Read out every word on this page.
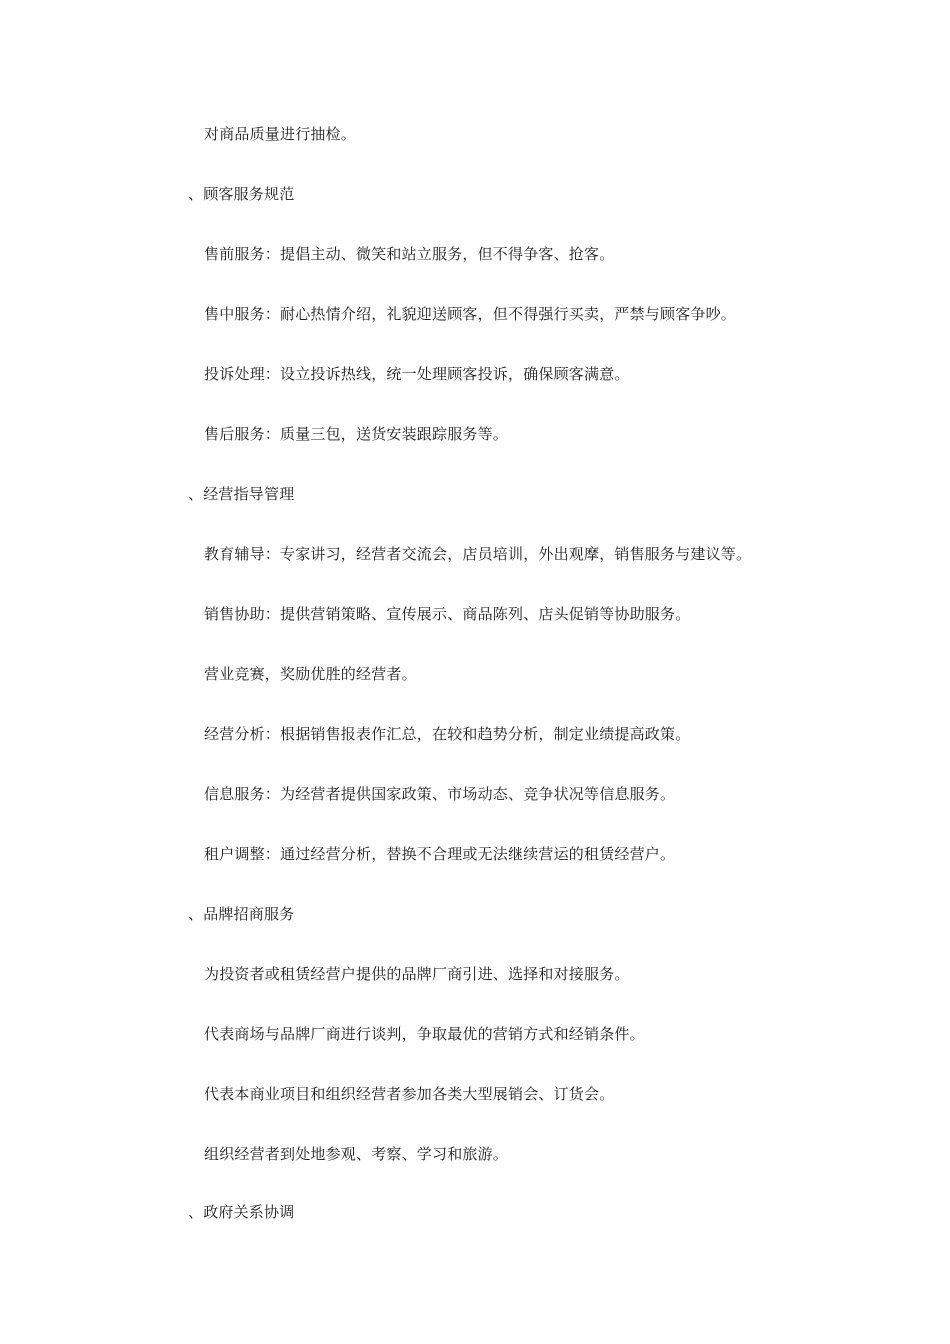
对商品质量进行抽检。
、顾客服务规范
售前服务：提倡主动、微笑和站立服务，但不得争客、抢客。
售中服务：耐心热情介绍，礼貌迎送顾客，但不得强行买卖，严禁与顾客争吵。
投诉处理：设立投诉热线，统一处理顾客投诉，确保顾客满意。
售后服务：质量三包，送货安装跟踪服务等。
、经营指导管理
教育辅导：专家讲习，经营者交流会，店员培训，外出观摩，销售服务与建议等。
销售协助：提供营销策略、宣传展示、商品陈列、店头促销等协助服务。
营业竞赛，奖励优胜的经营者。
经营分析：根据销售报表作汇总，在较和趋势分析，制定业绩提高政策。
信息服务：为经营者提供国家政策、市场动态、竞争状况等信息服务。
租户调整：通过经营分析，替换不合理或无法继续营运的租赁经营户。
、品牌招商服务
为投资者或租赁经营户提供的品牌厂商引进、选择和对接服务。
代表商场与品牌厂商进行谈判，争取最优的营销方式和经销条件。
代表本商业项目和组织经营者参加各类大型展销会、订货会。
组织经营者到处地参观、考察、学习和旅游。
、政府关系协调
